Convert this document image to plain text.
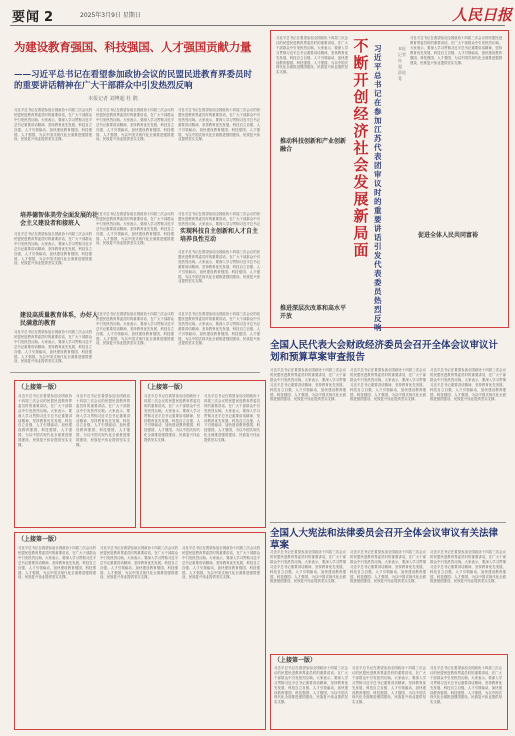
要闻 2	2025年3月9日 星期日	人民日报
为建设教育强国、科技强国、人才强国贡献力量
——习近平总书记在看望参加政协会议的民盟民进教育界委员时的重要讲话精神在广大干部群众中引发热烈反响
本报记者 刘博超 杜 鹃
习近平总书记在看望参加全国政协十四届三次会议的民盟民进教育界委员时的重要讲话，在广大干部群众中引发热烈反响。大家表示，要深入学习贯彻习近平总书记重要讲话精神，坚持教育优先发展、科技自立自强、人才引领驱动，加快建设教育强国、科技强国、人才强国，为以中国式现代化全面推进强国建设、民族复兴伟业提供坚实支撑。
习近平总书记在看望参加全国政协十四届三次会议的民盟民进教育界委员时的重要讲话，在广大干部群众中引发热烈反响。大家表示，要深入学习贯彻习近平总书记重要讲话精神，坚持教育优先发展、科技自立自强、人才引领驱动，加快建设教育强国、科技强国、人才强国，为以中国式现代化全面推进强国建设、民族复兴伟业提供坚实支撑。
习近平总书记在看望参加全国政协十四届三次会议的民盟民进教育界委员时的重要讲话，在广大干部群众中引发热烈反响。大家表示，要深入学习贯彻习近平总书记重要讲话精神，坚持教育优先发展、科技自立自强、人才引领驱动，加快建设教育强国、科技强国、人才强国，为以中国式现代化全面推进强国建设、民族复兴伟业提供坚实支撑。
培养德智体美劳全面发展的社会主义建设者和接班人
习近平总书记在看望参加全国政协十四届三次会议的民盟民进教育界委员时的重要讲话，在广大干部群众中引发热烈反响。大家表示，要深入学习贯彻习近平总书记重要讲话精神，坚持教育优先发展、科技自立自强、人才引领驱动，加快建设教育强国、科技强国、人才强国，为以中国式现代化全面推进强国建设、民族复兴伟业提供坚实支撑。
习近平总书记在看望参加全国政协十四届三次会议的民盟民进教育界委员时的重要讲话，在广大干部群众中引发热烈反响。大家表示，要深入学习贯彻习近平总书记重要讲话精神，坚持教育优先发展、科技自立自强、人才引领驱动，加快建设教育强国、科技强国、人才强国，为以中国式现代化全面推进强国建设、民族复兴伟业提供坚实支撑。
实现科技自主创新和人才自主培养良性互动
习近平总书记在看望参加全国政协十四届三次会议的民盟民进教育界委员时的重要讲话，在广大干部群众中引发热烈反响。大家表示，要深入学习贯彻习近平总书记重要讲话精神，坚持教育优先发展、科技自立自强、人才引领驱动，加快建设教育强国、科技强国、人才强国，为以中国式现代化全面推进强国建设、民族复兴伟业提供坚实支撑。
习近平总书记在看望参加全国政协十四届三次会议的民盟民进教育界委员时的重要讲话，在广大干部群众中引发热烈反响。大家表示，要深入学习贯彻习近平总书记
建设高质量教育体系，办好人民满意的教育
习近平总书记在看望参加全国政协十四届三次会议的民盟民进教育界委员时的重要讲话，在广大干部群众中引发热烈反响。大家表示，要深入学习贯彻习近平总书记重要讲话精神，坚持教育优先发展、科技自立自强、人才引领驱动，加快建设教育强国、科技强国、人才强国，为以中国式现代化全面推进强国建设、民族复兴伟业提供坚实支撑。
习近平总书记在看望参加全国政协十四届三次会议的民盟民进教育界委员时的重要讲话，在广大干部群众中引发热烈反响。大家表示，要深入学习贯彻习近平总书记重要讲话精神，坚持教育优先发展、科技自立自强、人才引领驱动，加快建设教育强国、科技强国、人才强国，为以中国式现代化全面推进强国建设、民族复兴伟业提供坚实支撑。
习近平总书记在看望参加全国政协十四届三次会议的民盟民进教育界委员时的重要讲话，在广大干部群众中引发热烈反响。大家表示，要深入学习贯彻习近平总书记重要讲话精神，坚持教育优先发展、科技自立自强、人才引领驱动，加快建设教育强国、科技强国、人才强国，为以中国式现代化全面推进强国建设、民族复兴伟业提供坚实支撑。
习近平总书记在看望参加全国政协十四届三次会议的民盟民进教育界委员时的重要讲话，在广大干部群众中引发热烈反响。大家表示，要深入学习贯彻习近平总书记重要讲话精神，坚持教育优先发展、科技自立自强、人才引领驱动，加快建设教育强国、科技强国、人才强国，为以中国式现代化全面推进强国建设、民族复兴伟业提供坚实支撑。
不断开创经济社会发展新局面
习近平总书记在参加江苏代表团审议时的重要讲话引发代表委员热烈反响
本报记者 孙 超 薛皎菁
习近平总书记在看望参加全国政协十四届三次会议的民盟民进教育界委员时的重要讲话，在广大干部群众中引发热烈反响。大家表示，要深入学习贯彻习近平总书记重要讲话精神，坚持教育优先发展、科技自立自强、人才引领驱动，加快建设教育强国、科技强国、人才强国，为以中国式现代化全面推进强国建设、民族复兴伟业提供坚实支撑。
推动科技创新和产业创新融合
推进深层次改革和高水平开放
促进全体人民共同富裕
（上接第一版）
习近平总书记在看望参加全国政协十四届三次会议的民盟民进教育界委员时的重要讲话，在广大干部群众中引发热烈反响。大家表示，要深入学习贯彻习近平总书记重要讲话精神，坚持教育优先发展、科技自立自强、人才引领驱动，加快建设教育强国、科技强国、人才强国，为以中国式现代化全面推进强国建设、民族复兴伟业提供坚实支撑。
习近平总书记在看望参加全国政协十四届三次会议的民盟民进教育界委员时的重要讲话，在广大干部群众中引发热烈反响。大家表示，要深入学习贯彻习近平总书记重要讲话精神，坚持教育优先发展、科技自立自强、人才引领驱动，加快建设教育强国、科技强国、人才强国，为以中国式现代化全面推进强国建设、民族复兴伟业提供坚实支撑。
（上接第一版）
习近平总书记在看望参加全国政协十四届三次会议的民盟民进教育界委员时的重要讲话，在广大干部群众中引发热烈反响。大家表示，要深入学习贯彻习近平总书记重要讲话精神，坚持教育优先发展、科技自立自强、人才引领驱动，加快建设教育强国、科技强国、人才强国，为以中国式现代化全面推进强国建设、民族复兴伟业提供坚实支撑。
习近平总书记在看望参加全国政协十四届三次会议的民盟民进教育界委员时的重要讲话，在广大干部群众中引发热烈反响。大家表示，要深入学习贯彻习近平总书记重要讲话精神，坚持教育优先发展、科技自立自强、人才引领驱动，加快建设教育强国、科技强国、人才强国，为以中国式现代化全面推进强国建设、民族复兴伟业提供坚实支撑。
全国人民代表大会财政经济委员会召开全体会议审议计划和预算草案审查报告
习近平总书记在看望参加全国政协十四届三次会议的民盟民进教育界委员时的重要讲话，在广大干部群众中引发热烈反响。大家表示，要深入学习贯彻习近平总书记重要讲话精神，坚持教育优先发展、科技自立自强、人才引领驱动，加快建设教育强国、科技强国、人才强国，为以中国式现代化全面推进强国建设、民族复兴伟业提供坚实支撑。
习近平总书记在看望参加全国政协十四届三次会议的民盟民进教育界委员时的重要讲话，在广大干部群众中引发热烈反响。大家表示，要深入学习贯彻习近平总书记重要讲话精神，坚持教育优先发展、科技自立自强、人才引领驱动，加快建设教育强国、科技强国、人才强国，为以中国式现代化全面推进强国建设、民族复兴伟业提供坚实支撑。
习近平总书记在看望参加全国政协十四届三次会议的民盟民进教育界委员时的重要讲话，在广大干部群众中引发热烈反响。大家表示，要深入学习贯彻习近平总书记重要讲话精神，坚持教育优先发展、科技自立自强、人才引领驱动，加快建设教育强国、科技强国、人才强国，为以中国式现代化全面推进强国建设、民族复兴伟业提供坚实支撑。
全国人大宪法和法律委员会召开全体会议审议有关法律草案
习近平总书记在看望参加全国政协十四届三次会议的民盟民进教育界委员时的重要讲话，在广大干部群众中引发热烈反响。大家表示，要深入学习贯彻习近平总书记重要讲话精神，坚持教育优先发展、科技自立自强、人才引领驱动，加快建设教育强国、科技强国、人才强国，为以中国式现代化全面推进强国建设、民族复兴伟业提供坚实支撑。
习近平总书记在看望参加全国政协十四届三次会议的民盟民进教育界委员时的重要讲话，在广大干部群众中引发热烈反响。大家表示，要深入学习贯彻习近平总书记重要讲话精神，坚持教育优先发展、科技自立自强、人才引领驱动，加快建设教育强国、科技强国、人才强国，为以中国式现代化全面推进强国建设、民族复兴伟业提供坚实支撑。
习近平总书记在看望参加全国政协十四届三次会议的民盟民进教育界委员时的重要讲话，在广大干部群众中引发热烈反响。大家表示，要深入学习贯彻习近平总书记重要讲话精神，坚持教育优先发展、科技自立自强、人才引领驱动，加快建设教育强国、科技强国、人才强国，为以中国式现代化全面推进强国建设、民族复兴伟业提供坚实支撑。
（上接第一版）
习近平总书记在看望参加全国政协十四届三次会议的民盟民进教育界委员时的重要讲话，在广大干部群众中引发热烈反响。大家表示，要深入学习贯彻习近平总书记重要讲话精神，坚持教育优先发展、科技自立自强、人才引领驱动，加快建设教育强国、科技强国、人才强国，为以中国式现代化全面推进强国建设、民族复兴伟业提供坚实支撑。
习近平总书记在看望参加全国政协十四届三次会议的民盟民进教育界委员时的重要讲话，在广大干部群众中引发热烈反响。大家表示，要深入学习贯彻习近平总书记重要讲话精神，坚持教育优先发展、科技自立自强、人才引领驱动，加快建设教育强国、科技强国、人才强国，为以中国式现代化全面推进强国建设、民族复兴伟业提供坚实支撑。
习近平总书记在看望参加全国政协十四届三次会议的民盟民进教育界委员时的重要讲话，在广大干部群众中引发热烈反响。大家表示，要深入学习贯彻习近平总书记重要讲话精神，坚持教育优先发展、科技自立自强、人才引领驱动，加快建设教育强国、科技强国、人才强国，为以中国式现代化全面推进强国建设、民族复兴伟业提供坚实支撑。
（上接第一版）
习近平总书记在看望参加全国政协十四届三次会议的民盟民进教育界委员时的重要讲话，在广大干部群众中引发热烈反响。大家表示，要深入学习贯彻习近平总书记重要讲话精神，坚持教育优先发展、科技自立自强、人才引领驱动，加快建设教育强国、科技强国、人才强国，为以中国式现代化全面推进强国建设、民族复兴伟业提供坚实支撑。
习近平总书记在看望参加全国政协十四届三次会议的民盟民进教育界委员时的重要讲话，在广大干部群众中引发热烈反响。大家表示，要深入学习贯彻习近平总书记重要讲话精神，坚持教育优先发展、科技自立自强、人才引领驱动，加快建设教育强国、科技强国、人才强国，为以中国式现代化全面推进强国建设、民族复兴伟业提供坚实支撑。
习近平总书记在看望参加全国政协十四届三次会议的民盟民进教育界委员时的重要讲话，在广大干部群众中引发热烈反响。大家表示，要深入学习贯彻习近平总书记重要讲话精神，坚持教育优先发展、科技自立自强、人才引领驱动，加快建设教育强国、科技强国、人才强国，为以中国式现代化全面推进强国建设、民族复兴伟业提供坚实支撑。
